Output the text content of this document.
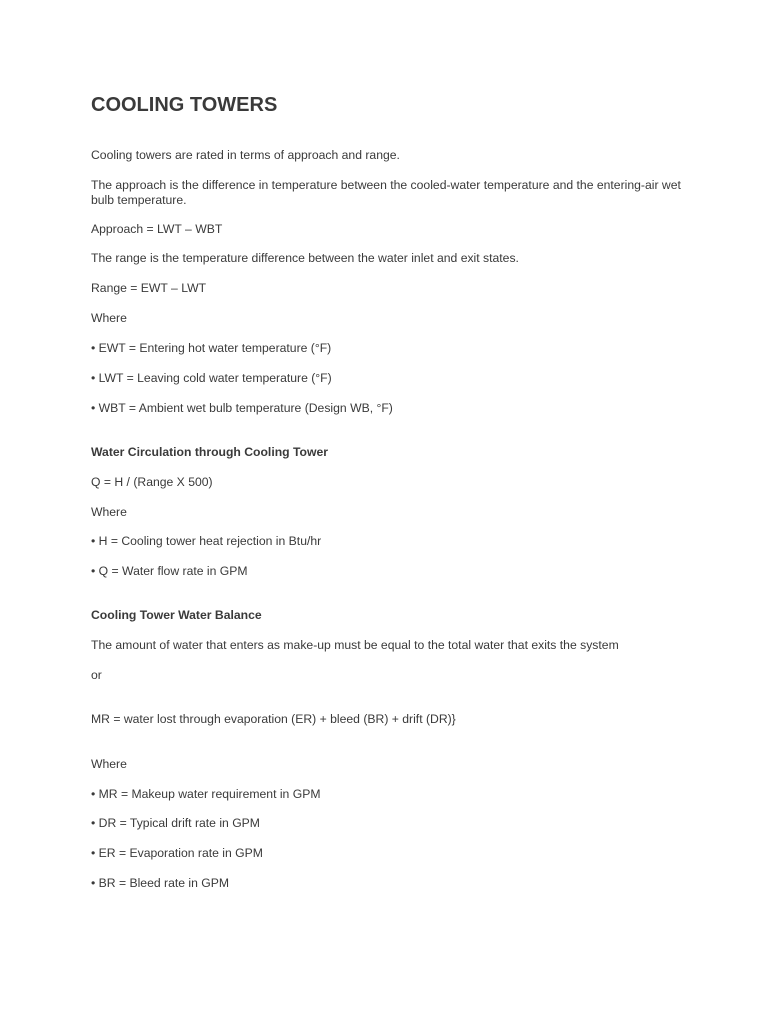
COOLING TOWERS

Cooling towers are rated in terms of approach and range.

The approach is the difference in temperature between the cooled-water temperature and the entering-air wet bulb temperature.

Approach = LWT – WBT

The range is the temperature difference between the water inlet and exit states.

Range = EWT – LWT

Where

• EWT = Entering hot water temperature (°F)

• LWT = Leaving cold water temperature (°F)

• WBT = Ambient wet bulb temperature (Design WB, °F)

Water Circulation through Cooling Tower

Q = H / (Range X 500)

Where

• H = Cooling tower heat rejection in Btu/hr

• Q = Water flow rate in GPM

Cooling Tower Water Balance

The amount of water that enters as make-up must be equal to the total water that exits the system

or

MR = water lost through evaporation (ER) + bleed (BR) + drift (DR)}

Where

• MR = Makeup water requirement in GPM

• DR = Typical drift rate in GPM

• ER = Evaporation rate in GPM

• BR = Bleed rate in GPM
